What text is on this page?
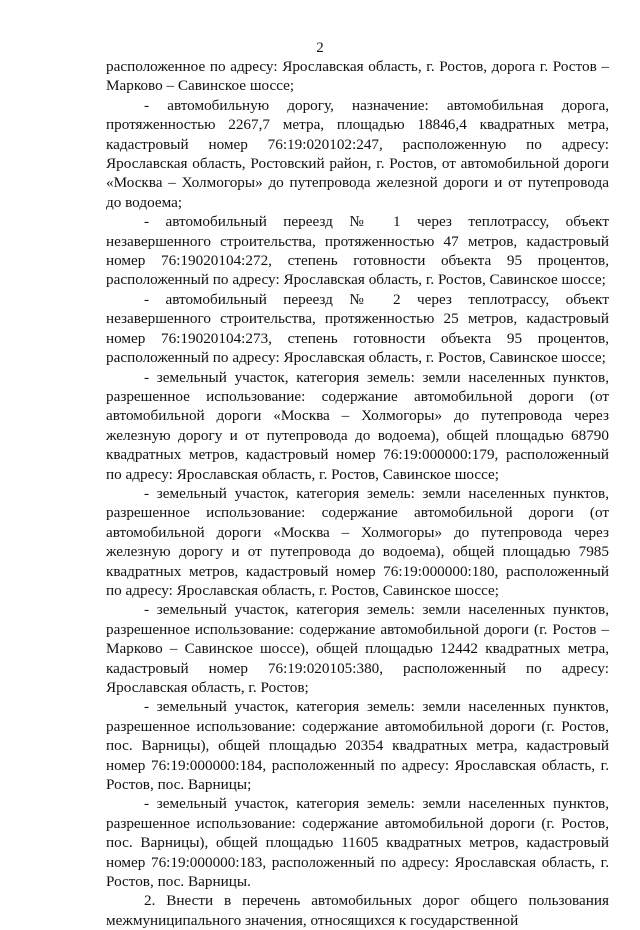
2

расположенное по адресу: Ярославская область, г. Ростов, дорога г. Ростов – Марково – Савинское шоссе;

- автомобильную дорогу, назначение: автомобильная дорога, протяженностью 2267,7 метра, площадью 18846,4 квадратных метра, кадастровый номер 76:19:020102:247, расположенную по адресу: Ярославская область, Ростовский район, г. Ростов, от автомобильной дороги «Москва – Холмогоры» до путепровода железной дороги и от путепровода до водоема;

- автомобильный переезд № 1 через теплотрассу, объект незавершенного строительства, протяженностью 47 метров, кадастровый номер 76:19020104:272, степень готовности объекта 95 процентов, расположенный по адресу: Ярославская область, г. Ростов, Савинское шоссе;

- автомобильный переезд № 2 через теплотрассу, объект незавершенного строительства, протяженностью 25 метров, кадастровый номер 76:19020104:273, степень готовности объекта 95 процентов, расположенный по адресу: Ярославская область, г. Ростов, Савинское шоссе;

- земельный участок, категория земель: земли населенных пунктов, разрешенное использование: содержание автомобильной дороги (от автомобильной дороги «Москва – Холмогоры» до путепровода через железную дорогу и от путепровода до водоема), общей площадью 68790 квадратных метров, кадастровый номер 76:19:000000:179, расположенный по адресу: Ярославская область, г. Ростов, Савинское шоссе;

- земельный участок, категория земель: земли населенных пунктов, разрешенное использование: содержание автомобильной дороги (от автомобильной дороги «Москва – Холмогоры» до путепровода через железную дорогу и от путепровода до водоема), общей площадью 7985 квадратных метров, кадастровый номер 76:19:000000:180, расположенный по адресу: Ярославская область, г. Ростов, Савинское шоссе;

- земельный участок, категория земель: земли населенных пунктов, разрешенное использование: содержание автомобильной дороги (г. Ростов – Марково – Савинское шоссе), общей площадью 12442 квадратных метра, кадастровый номер 76:19:020105:380, расположенный по адресу: Ярославская область, г. Ростов;

- земельный участок, категория земель: земли населенных пунктов, разрешенное использование: содержание автомобильной дороги (г. Ростов, пос. Варницы), общей площадью 20354 квадратных метра, кадастровый номер 76:19:000000:184, расположенный по адресу: Ярославская область, г. Ростов, пос. Варницы;

- земельный участок, категория земель: земли населенных пунктов, разрешенное использование: содержание автомобильной дороги (г. Ростов, пос. Варницы), общей площадью 11605 квадратных метров, кадастровый номер 76:19:000000:183, расположенный по адресу: Ярославская область, г. Ростов, пос. Варницы.

2. Внести в перечень автомобильных дорог общего пользования межмуниципального значения, относящихся к государственной
